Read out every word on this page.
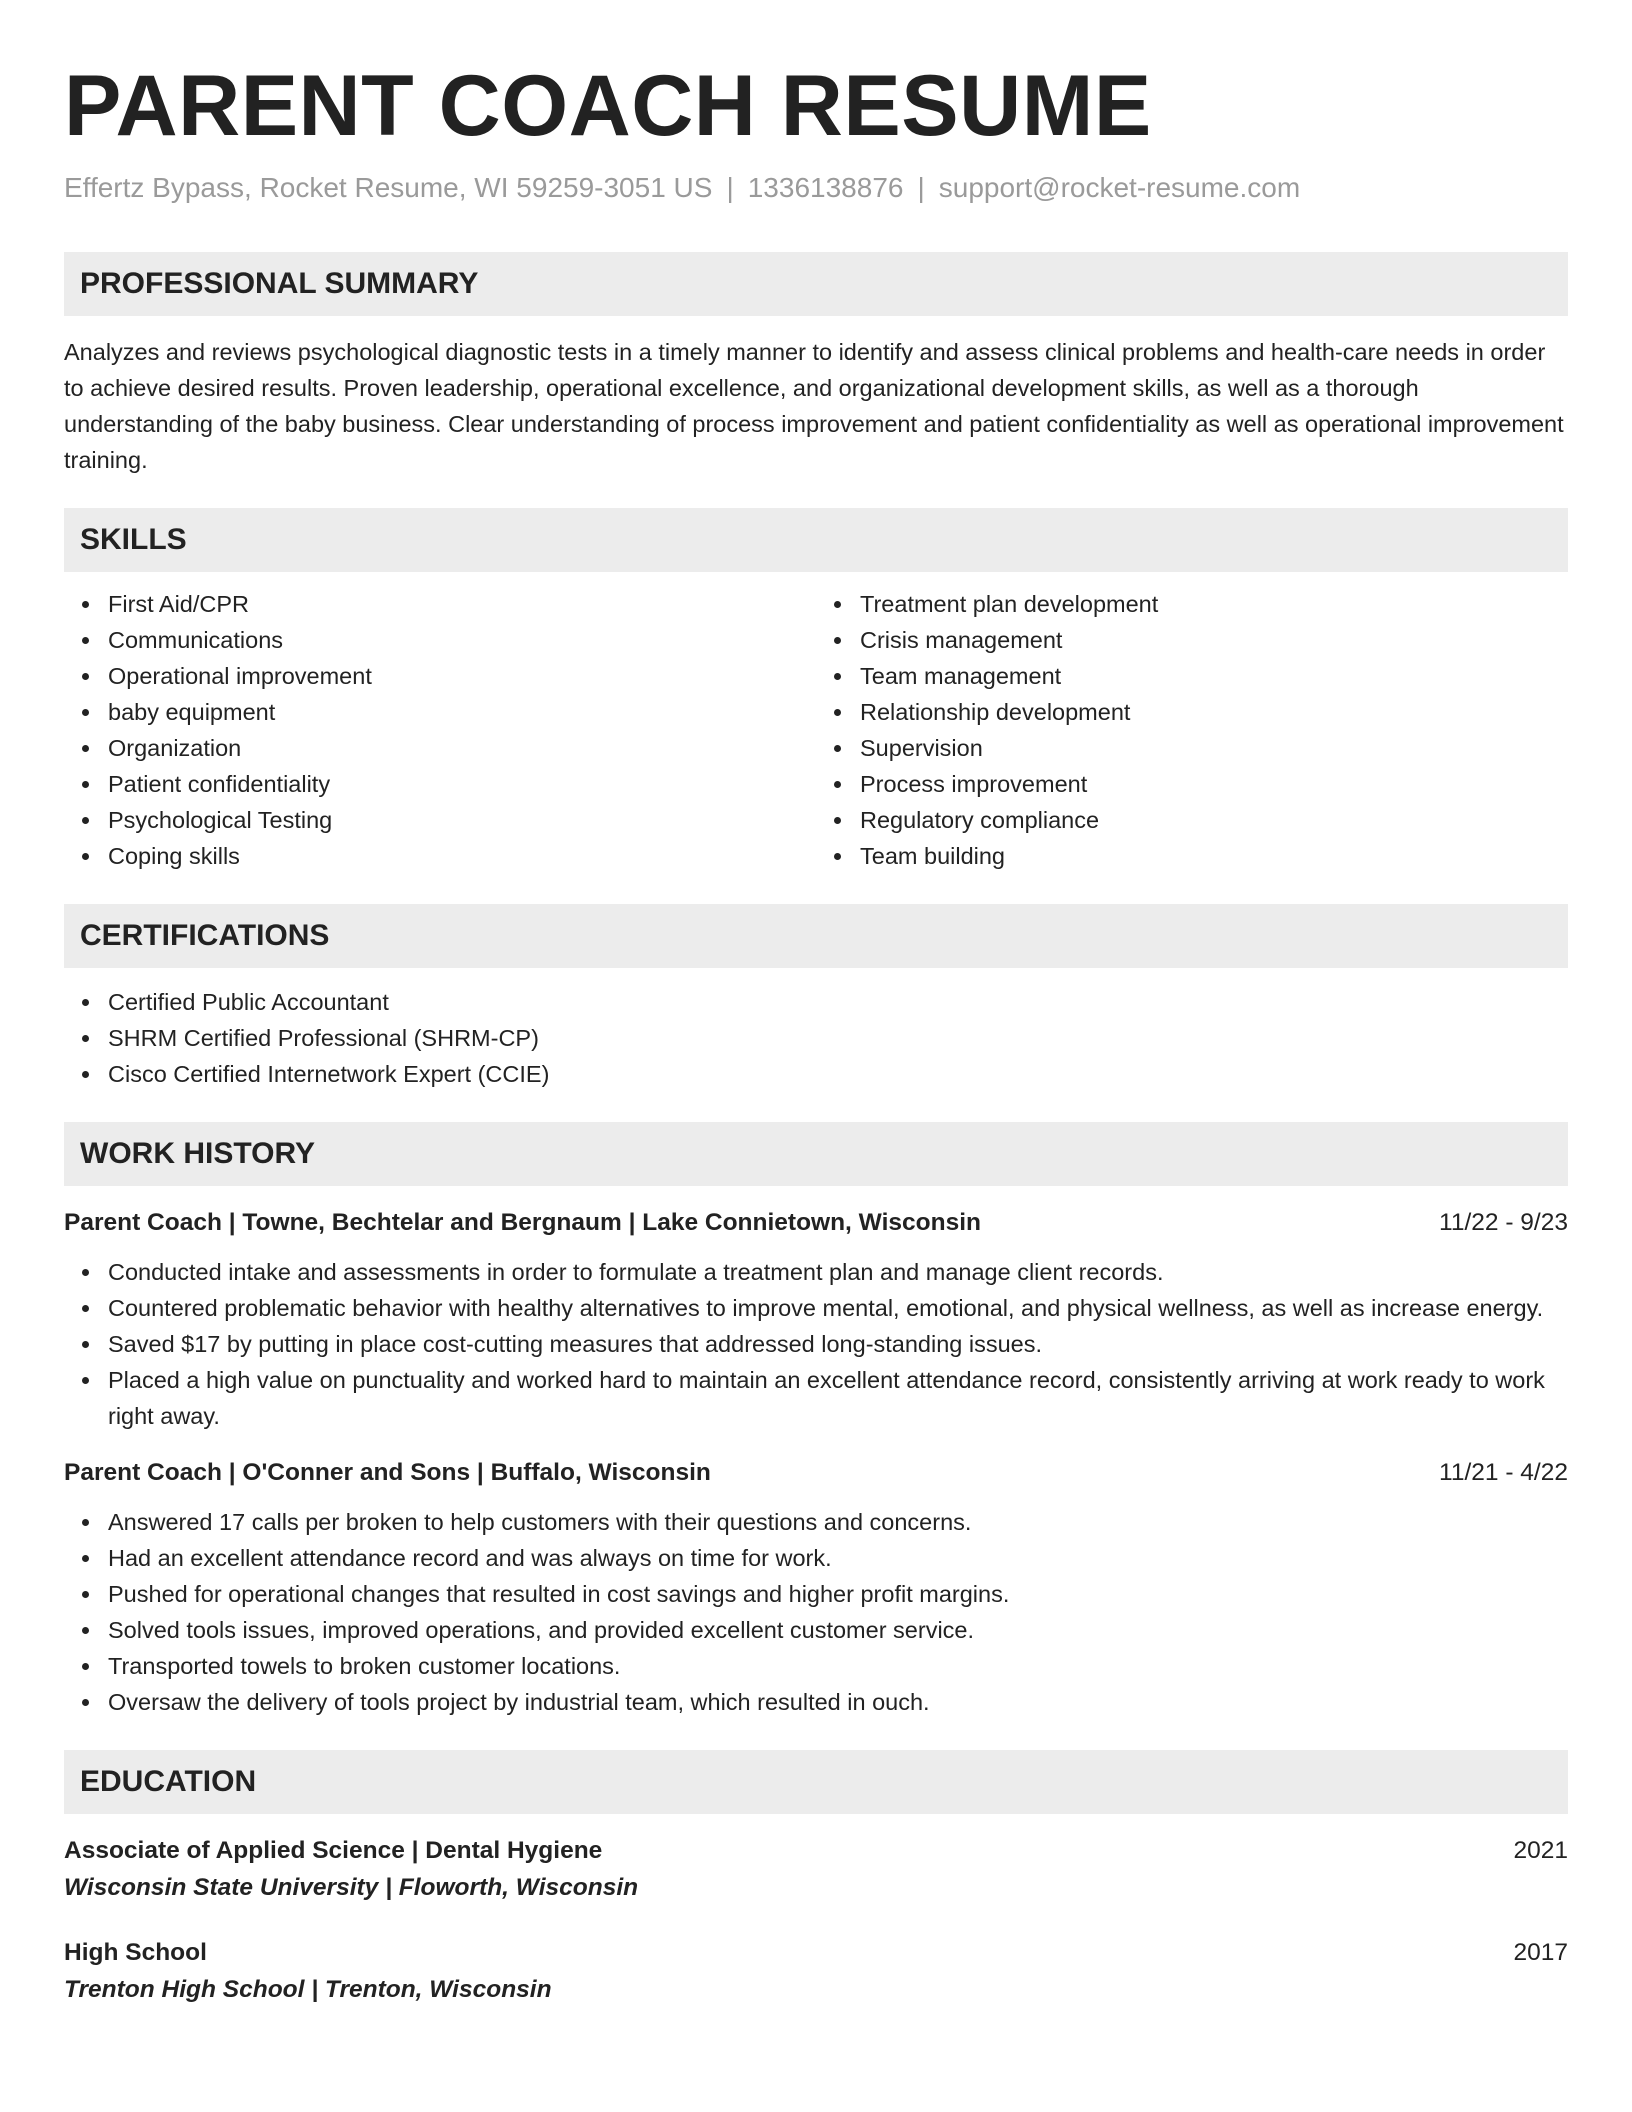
PARENT COACH RESUME
Effertz Bypass, Rocket Resume, WI 59259-3051 US | 1336138876 | support@rocket-resume.com
PROFESSIONAL SUMMARY

Analyzes and reviews psychological diagnostic tests in a timely manner to identify and assess clinical problems and health-care needs in order to achieve desired results. Proven leadership, operational excellence, and organizational development skills, as well as a thorough understanding of the baby business. Clear understanding of process improvement and patient confidentiality as well as operational improvement training.

SKILLS
First Aid/CPR
Communications
Operational improvement
baby equipment
Organization
Patient confidentiality
Psychological Testing
Coping skills
Treatment plan development
Crisis management
Team management
Relationship development
Supervision
Process improvement
Regulatory compliance
Team building
CERTIFICATIONS
Certified Public Accountant
SHRM Certified Professional (SHRM-CP)
Cisco Certified Internetwork Expert (CCIE)
WORK HISTORY
Parent Coach | Towne, Bechtelar and Bergnaum | Lake Connietown, Wisconsin	11/22 - 9/23
Conducted intake and assessments in order to formulate a treatment plan and manage client records.
Countered problematic behavior with healthy alternatives to improve mental, emotional, and physical wellness, as well as increase energy.
Saved $17 by putting in place cost-cutting measures that addressed long-standing issues.
Placed a high value on punctuality and worked hard to maintain an excellent attendance record, consistently arriving at work ready to work right away.
Parent Coach | O'Conner and Sons | Buffalo, Wisconsin	11/21 - 4/22
Answered 17 calls per broken to help customers with their questions and concerns.
Had an excellent attendance record and was always on time for work.
Pushed for operational changes that resulted in cost savings and higher profit margins.
Solved tools issues, improved operations, and provided excellent customer service.
Transported towels to broken customer locations.
Oversaw the delivery of tools project by industrial team, which resulted in ouch.
EDUCATION
Associate of Applied Science | Dental Hygiene	2021
Wisconsin State University | Floworth, Wisconsin
High School	2017
Trenton High School | Trenton, Wisconsin
